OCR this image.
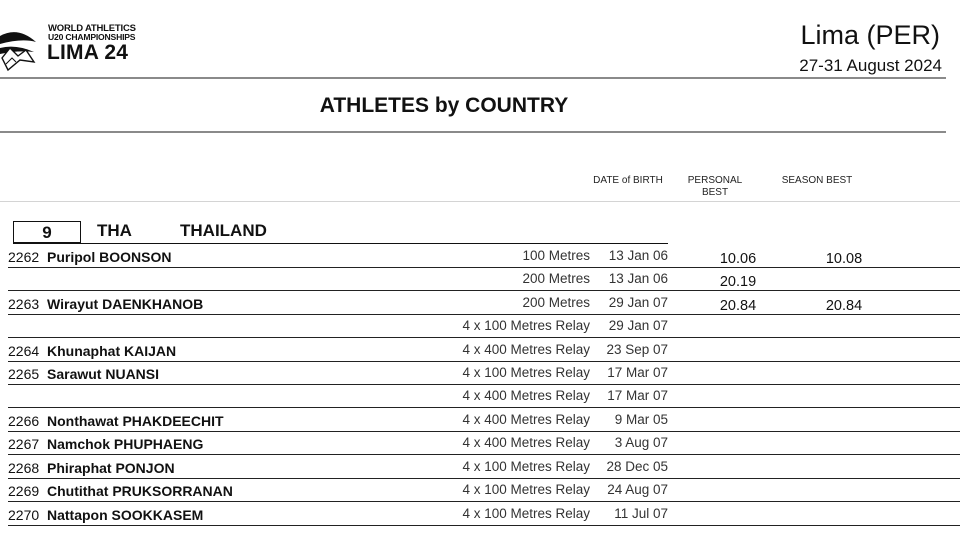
WORLD ATHLETICS
U20 CHAMPIONSHIPS
LIMA 24
Lima (PER)
27-31 August 2024
ATHLETES by COUNTRY
DATE of BIRTH	PERSONAL
BEST
SEASON BEST
9	THA	THAILAND
2262 Puripol BOONSON	100 Metres 13 Jan 06	10.06	10.08
200 Metres 13 Jan 06	20.19
2263 Wirayut DAENKHANOB	200 Metres 29 Jan 07	20.84	20.84
4 x 100 Metres Relay 29 Jan 07
2264 Khunaphat KAIJAN	4 x 400 Metres Relay 23 Sep 07
2265 Sarawut NUANSI	4 x 100 Metres Relay 17 Mar 07
4 x 400 Metres Relay 17 Mar 07
2266 Nonthawat PHAKDEECHIT	4 x 400 Metres Relay 9 Mar 05
2267 Namchok PHUPHAENG	4 x 400 Metres Relay 3 Aug 07
2268 Phiraphat PONJON	4 x 100 Metres Relay 28 Dec 05
2269 Chutithat PRUKSORRANAN	4 x 100 Metres Relay 24 Aug 07
2270 Nattapon SOOKKASEM	4 x 100 Metres Relay 11 Jul 07
